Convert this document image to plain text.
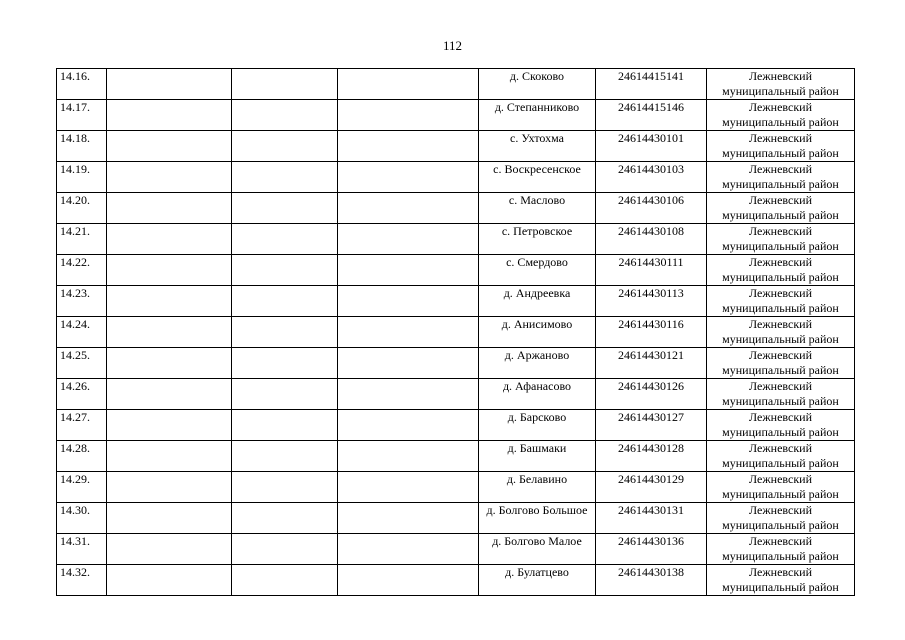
112
14.16.				д. Скоково	24614415141	Лежневский
муниципальный район

14.17.				д. Степанниково	24614415146	Лежневский
муниципальный район

14.18.				с. Ухтохма	24614430101	Лежневский
муниципальный район

14.19.				с. Воскресенское	24614430103	Лежневский
муниципальный район

14.20.				с. Маслово	24614430106	Лежневский
муниципальный район

14.21.				с. Петровское	24614430108	Лежневский
муниципальный район

14.22.				с. Смердово	24614430111	Лежневский
муниципальный район

14.23.				д. Андреевка	24614430113	Лежневский
муниципальный район

14.24.				д. Анисимово	24614430116	Лежневский
муниципальный район

14.25.				д. Аржаново	24614430121	Лежневский
муниципальный район

14.26.				д. Афанасово	24614430126	Лежневский
муниципальный район

14.27.				д. Барсково	24614430127	Лежневский
муниципальный район

14.28.				д. Башмаки	24614430128	Лежневский
муниципальный район

14.29.				д. Белавино	24614430129	Лежневский
муниципальный район

14.30.				д. Болгово Большое	24614430131	Лежневский
муниципальный район

14.31.				д. Болгово Малое	24614430136	Лежневский
муниципальный район

14.32.				д. Булатцево	24614430138	Лежневский
муниципальный район
